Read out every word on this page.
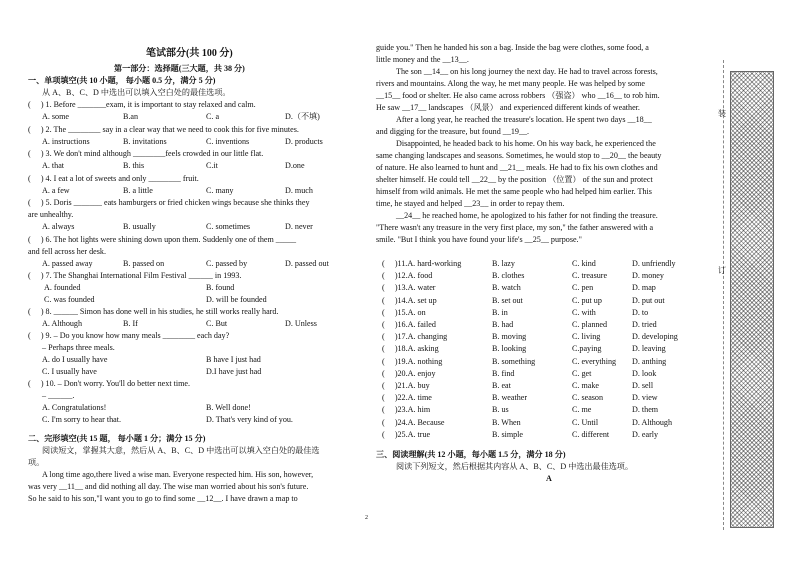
笔试部分(共 100 分)
第一部分：选择题(三大题，共 38 分)
一、单项填空(共 10 小题， 每小题 0.5 分，满分 5 分)
从 A、B、C、D 中选出可以填入空白处的最佳选项。
(　 ) 1. Before _______exam, it is important to stay relaxed and calm.
A. some	B.an	C. a	D.（不填)
(　 ) 2. The ________ say in a clear way that we need to cook this for five minutes.
A. instructions	B. invitations	C. inventions	D. products
(　 ) 3. We don't mind although ________feels crowded in our little flat.
A. that	B. this	C.it	D.one
(　 ) 4. I eat a lot of sweets and only ________ fruit.
A. a few	B. a little	C. many	D. much
(　 ) 5. Doris _______ eats hamburgers or fried chicken wings because she thinks they
are unhealthy.
A. always	B. usually	C. sometimes	D. never
(　 ) 6. The hot lights were shining down upon them. Suddenly one of them _____
and fell across her desk.
A. passed away	B. passed on	C. passed by	D. passed out
(　 ) 7. The Shanghai International Film Festival ______ in 1993.
A. founded	B. found
C. was founded	D. will be founded
(　 ) 8. ______ Simon has done well in his studies, he still works really hard.
A. Although	B. If	C. But	D. Unless
(　 ) 9. – Do you know how many meals ________ each day?
– Perhaps three meals.
A. do I usually have	B have I just had
C. I usually have	D.I have just had
(　 ) 10. – Don't worry. You'll do better next time.
– ______.
A. Congratulations!	B. Well done!
C. I'm sorry to hear that.	D. That's very kind of you.
二、完形填空(共 15 题， 每小题 1 分；满分 15 分)
阅读短文，掌握其大意，然后从 A、B、C、D 中选出可以填入空白处的最佳选
项。
A long time ago,there lived a wise man. Everyone respected him. His son, however,
was very __11__ and did nothing all day. The wise man worried about his son's future.
So he said to his son,"I want you to go to find some __12__. I have drawn a map to
2
guide you." Then he handed his son a bag. Inside the bag were clothes, some food, a
little money and the __13__.
The son __14__ on his long journey the next day. He had to travel across forests,
rivers and mountains. Along the way, he met many people. He was helped by some
__15__ food or shelter. He also came across robbers （强盗） who __16__ to rob him.
He saw __17__ landscapes （风景） and experienced different kinds of weather.
After a long year, he reached the treasure's location. He spent two days __18__
and digging for the treasure, but found __19__.
Disappointed, he headed back to his home. On his way back, he experienced the
same changing landscapes and seasons. Sometimes, he would stop to __20__ the beauty
of nature. He also learned to hunt and __21__ meals. He had to fix his own clothes and
shelter himself. He could tell __22__ by the position （位置） of the sun and protect
himself from wild animals. He met the same people who had helped him earlier. This
time, he stayed and helped __23__ in order to repay them.
__24__ he reached home, he apologized to his father for not finding the treasure.
"There wasn't any treasure in the very first place, my son," the father answered with a
smile. "But I think you have found your life's __25__ purpose."
(　 )11.A. hard-working	B. lazy	C. kind	D. unfriendly
(　 )12.A. food	B. clothes	C. treasure	D. money
(　 )13.A. water	B. watch	C. pen	D. map
(　 )14.A. set up	B. set out	C. put up	D. put out
(　 )15.A. on	B. in	C. with	D. to
(　 )16.A. failed	B. had	C. planned	D. tried
(　 )17.A. changing	B. moving	C. living	D. developing
(　 )18.A. asking	B. looking	C.paying	D. leaving
(　 )19.A. nothing	B. something	C. everything D. anthing
(　 )20.A. enjoy	B. find	C. get	D. look
(　 )21.A. buy	B. eat	C. make	D. sell
(　 )22.A. time	B. weather	C. season	D. view
(　 )23.A. him	B. us	C. me	D. them
(　 )24.A. Because	B. When	C. Until	D. Although
(　 )25.A. true	B. simple	C. different	D. early
三、阅读理解(共 12 小题，每小题 1.5 分，满分 18 分)
阅读下列短文，然后根据其内容从 A、B、C、D 中选出最佳选项。
A
装
订
